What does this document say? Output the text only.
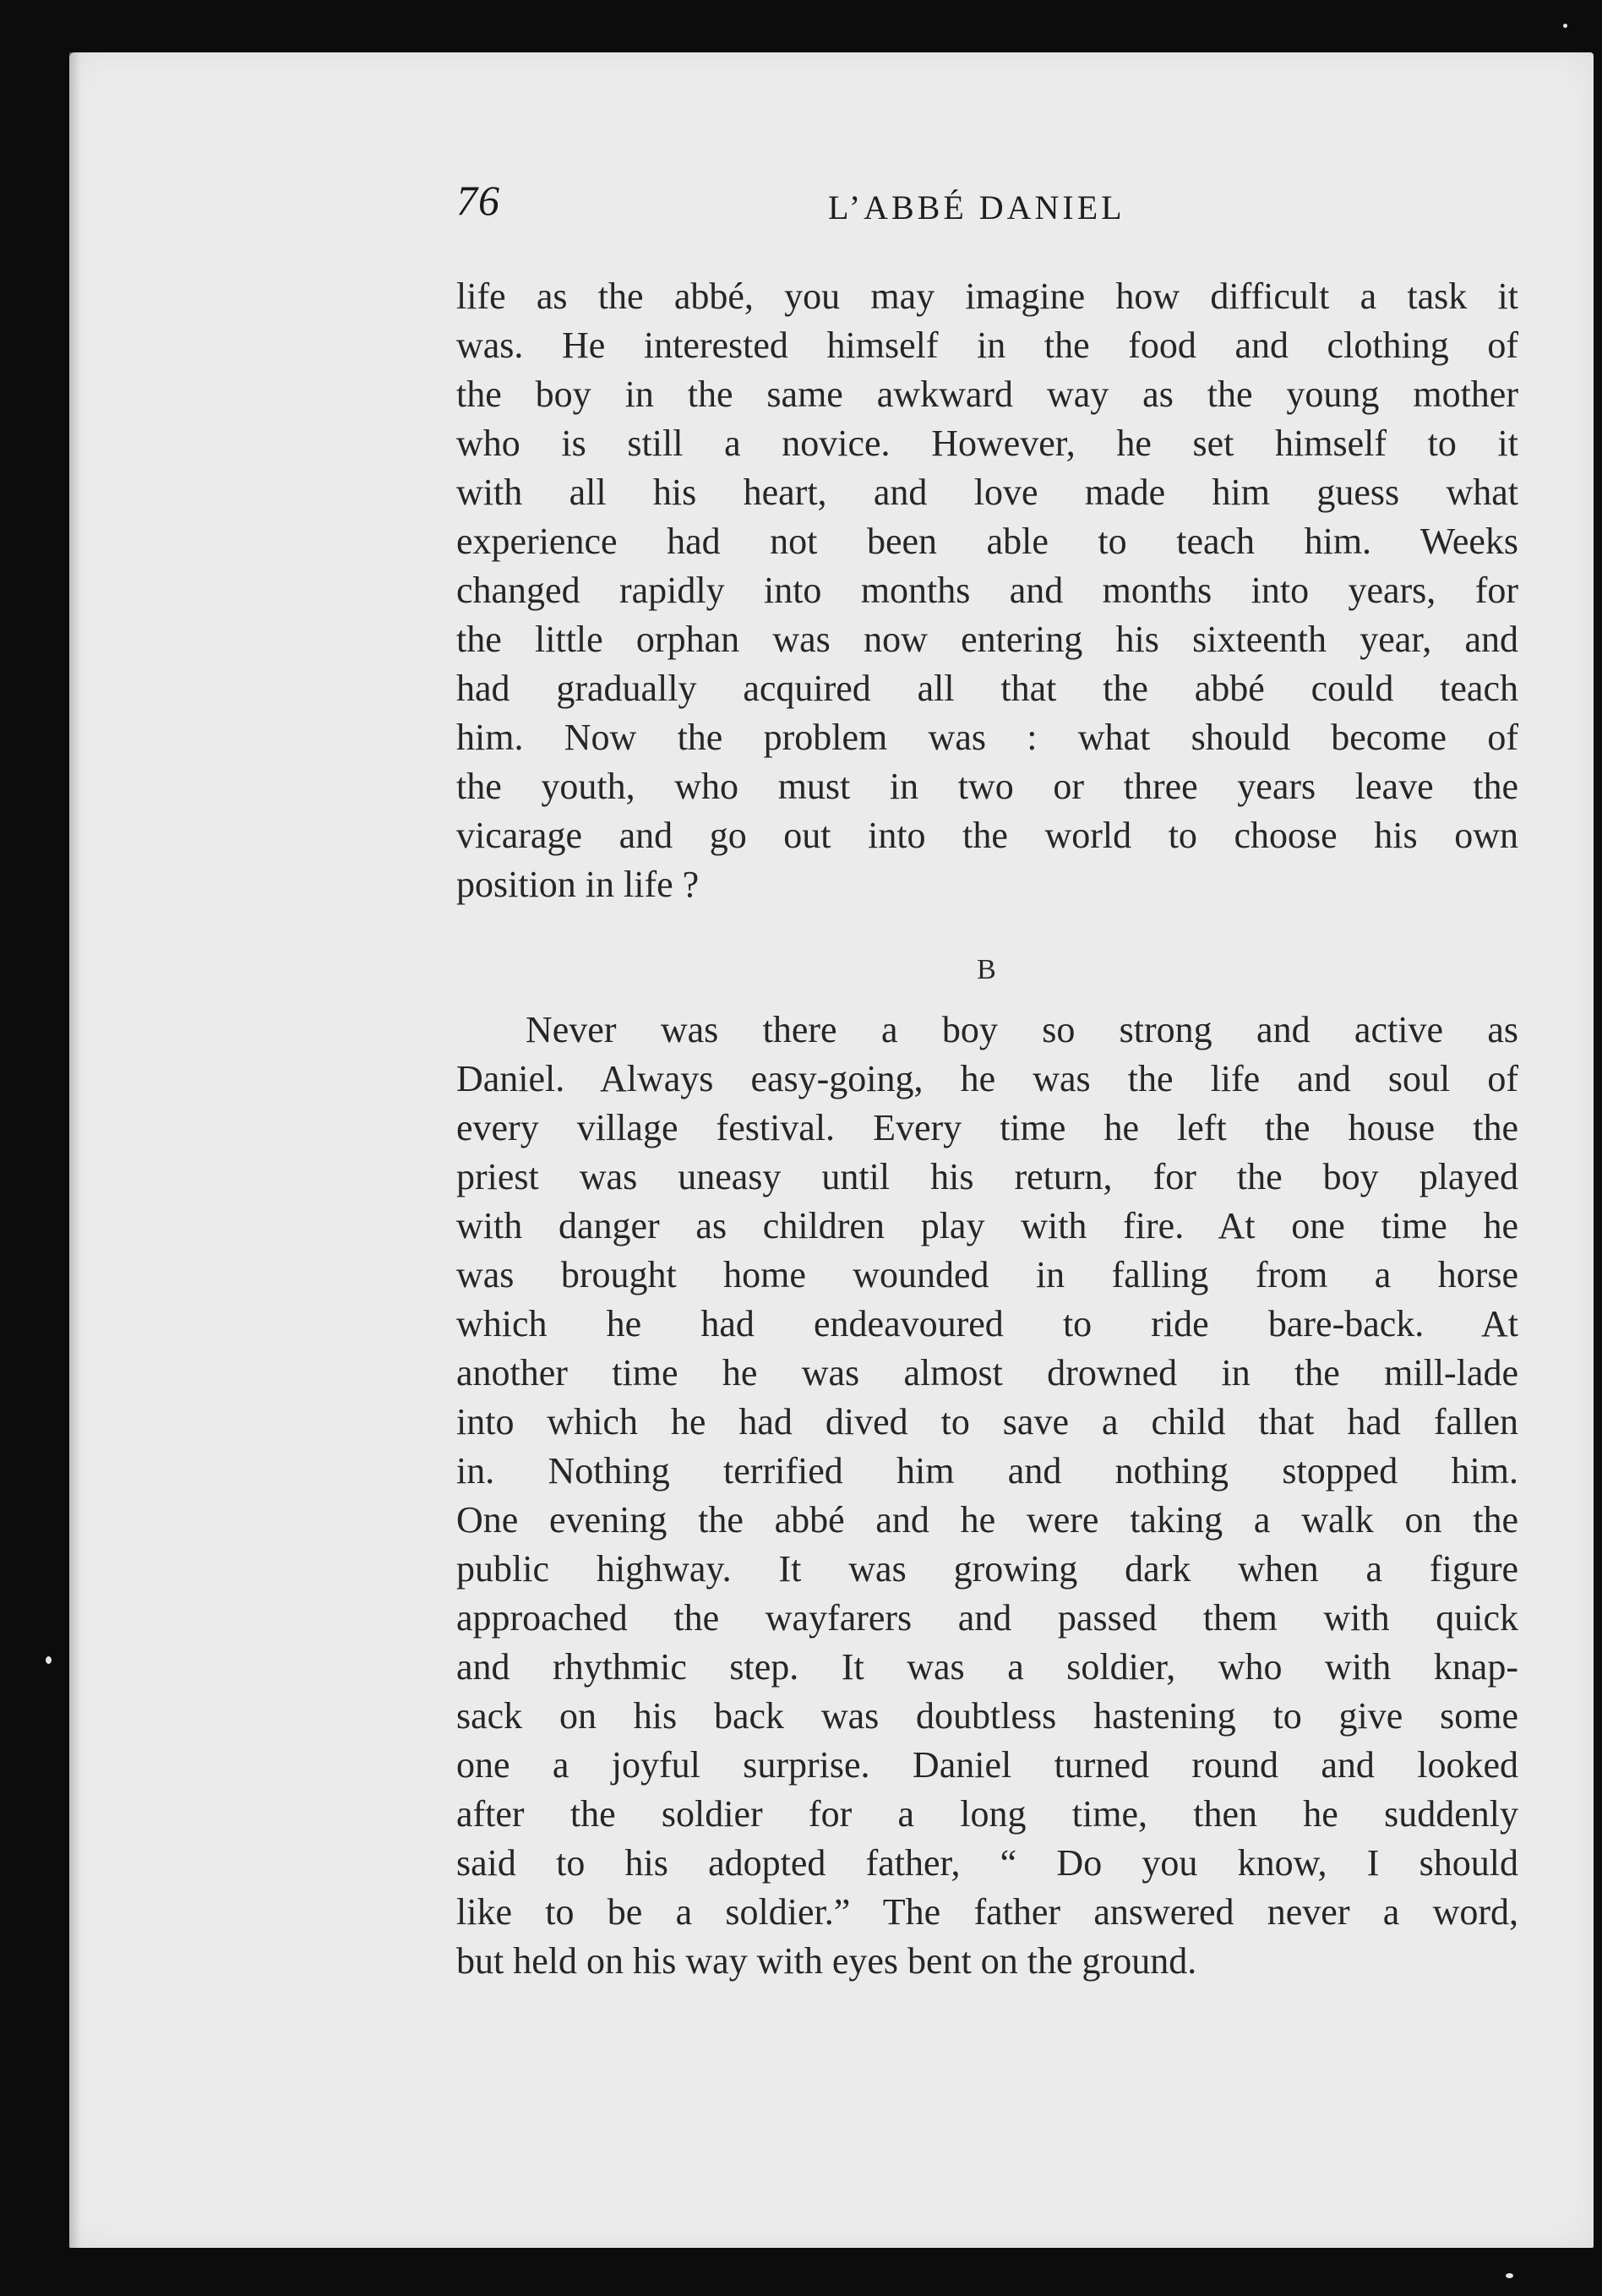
76	L’ABBÉ DANIEL
life as the abbé, you may imagine how difficult a task it
was. He interested himself in the food and clothing of
the boy in the same awkward way as the young mother
who is still a novice. However, he set himself to it
with all his heart, and love made him guess what
experience had not been able to teach him. Weeks
changed rapidly into months and months into years, for
the little orphan was now entering his sixteenth year, and
had gradually acquired all that the abbé could teach
him. Now the problem was : what should become of
the youth, who must in two or three years leave the
vicarage and go out into the world to choose his own
position in life ?
B
Never was there a boy so strong and active as
Daniel. Always easy-going, he was the life and soul of
every village festival. Every time he left the house the
priest was uneasy until his return, for the boy played
with danger as children play with fire. At one time he
was brought home wounded in falling from a horse
which he had endeavoured to ride bare-back. At
another time he was almost drowned in the mill-lade
into which he had dived to save a child that had fallen
in. Nothing terrified him and nothing stopped him.
One evening the abbé and he were taking a walk on the
public highway. It was growing dark when a figure
approached the wayfarers and passed them with quick
and rhythmic step. It was a soldier, who with knap-
sack on his back was doubtless hastening to give some
one a joyful surprise. Daniel turned round and looked
after the soldier for a long time, then he suddenly
said to his adopted father, “ Do you know, I should
like to be a soldier.” The father answered never a word,
but held on his way with eyes bent on the ground.
